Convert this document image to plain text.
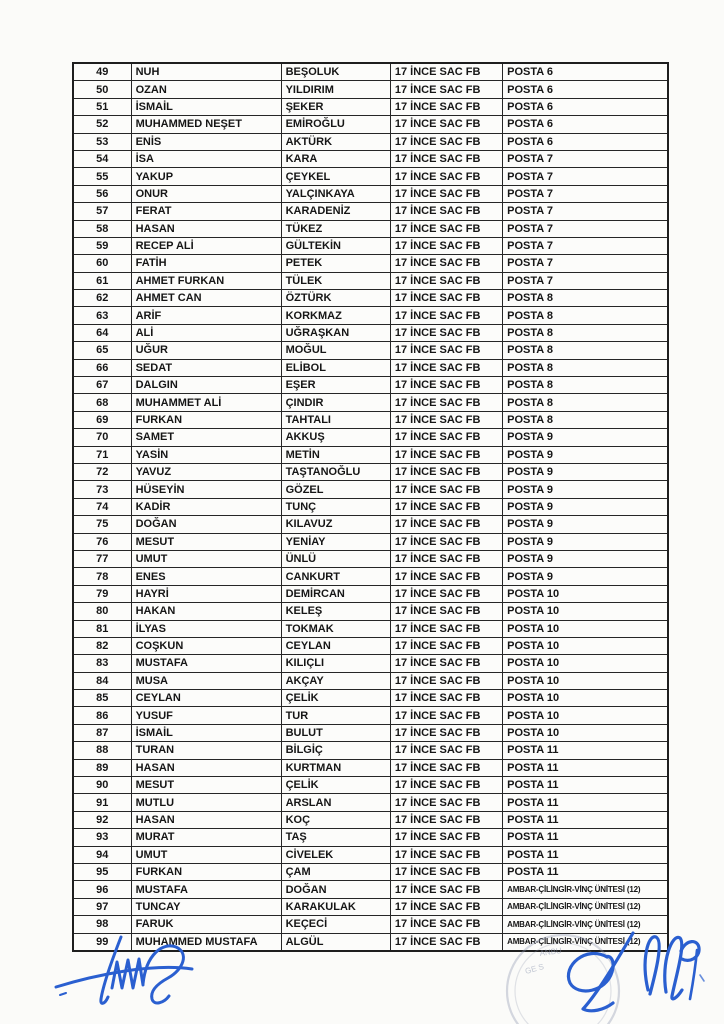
49	NUH	BEŞOLUK	17 İNCE SAC FB	POSTA 6
50	OZAN	YILDIRIM	17 İNCE SAC FB	POSTA 6
51	İSMAİL	ŞEKER	17 İNCE SAC FB	POSTA 6
52	MUHAMMED NEŞET	EMİROĞLU	17 İNCE SAC FB	POSTA 6
53	ENİS	AKTÜRK	17 İNCE SAC FB	POSTA 6
54	İSA	KARA	17 İNCE SAC FB	POSTA 7
55	YAKUP	ÇEYKEL	17 İNCE SAC FB	POSTA 7
56	ONUR	YALÇINKAYA	17 İNCE SAC FB	POSTA 7
57	FERAT	KARADENİZ	17 İNCE SAC FB	POSTA 7
58	HASAN	TÜKEZ	17 İNCE SAC FB	POSTA 7
59	RECEP ALİ	GÜLTEKİN	17 İNCE SAC FB	POSTA 7
60	FATİH	PETEK	17 İNCE SAC FB	POSTA 7
61	AHMET FURKAN	TÜLEK	17 İNCE SAC FB	POSTA 7
62	AHMET CAN	ÖZTÜRK	17 İNCE SAC FB	POSTA 8
63	ARİF	KORKMAZ	17 İNCE SAC FB	POSTA 8
64	ALİ	UĞRAŞKAN	17 İNCE SAC FB	POSTA 8
65	UĞUR	MOĞUL	17 İNCE SAC FB	POSTA 8
66	SEDAT	ELİBOL	17 İNCE SAC FB	POSTA 8
67	DALGIN	EŞER	17 İNCE SAC FB	POSTA 8
68	MUHAMMET ALİ	ÇINDIR	17 İNCE SAC FB	POSTA 8
69	FURKAN	TAHTALI	17 İNCE SAC FB	POSTA 8
70	SAMET	AKKUŞ	17 İNCE SAC FB	POSTA 9
71	YASİN	METİN	17 İNCE SAC FB	POSTA 9
72	YAVUZ	TAŞTANOĞLU	17 İNCE SAC FB	POSTA 9
73	HÜSEYİN	GÖZEL	17 İNCE SAC FB	POSTA 9
74	KADİR	TUNÇ	17 İNCE SAC FB	POSTA 9
75	DOĞAN	KILAVUZ	17 İNCE SAC FB	POSTA 9
76	MESUT	YENİAY	17 İNCE SAC FB	POSTA 9
77	UMUT	ÜNLÜ	17 İNCE SAC FB	POSTA 9
78	ENES	CANKURT	17 İNCE SAC FB	POSTA 9
79	HAYRİ	DEMİRCAN	17 İNCE SAC FB	POSTA 10
80	HAKAN	KELEŞ	17 İNCE SAC FB	POSTA 10
81	İLYAS	TOKMAK	17 İNCE SAC FB	POSTA 10
82	COŞKUN	CEYLAN	17 İNCE SAC FB	POSTA 10
83	MUSTAFA	KILIÇLI	17 İNCE SAC FB	POSTA 10
84	MUSA	AKÇAY	17 İNCE SAC FB	POSTA 10
85	CEYLAN	ÇELİK	17 İNCE SAC FB	POSTA 10
86	YUSUF	TUR	17 İNCE SAC FB	POSTA 10
87	İSMAİL	BULUT	17 İNCE SAC FB	POSTA 10
88	TURAN	BİLGİÇ	17 İNCE SAC FB	POSTA 11
89	HASAN	KURTMAN	17 İNCE SAC FB	POSTA 11
90	MESUT	ÇELİK	17 İNCE SAC FB	POSTA 11
91	MUTLU	ARSLAN	17 İNCE SAC FB	POSTA 11
92	HASAN	KOÇ	17 İNCE SAC FB	POSTA 11
93	MURAT	TAŞ	17 İNCE SAC FB	POSTA 11
94	UMUT	CİVELEK	17 İNCE SAC FB	POSTA 11
95	FURKAN	ÇAM	17 İNCE SAC FB	POSTA 11
96	MUSTAFA	DOĞAN	17 İNCE SAC FB	AMBAR-ÇİLİNGİR-VİNÇ ÜNİTESİ (12)
97	TUNCAY	KARAKULAK	17 İNCE SAC FB	AMBAR-ÇİLİNGİR-VİNÇ ÜNİTESİ (12)
98	FARUK	KEÇECİ	17 İNCE SAC FB	AMBAR-ÇİLİNGİR-VİNÇ ÜNİTESİ (12)
99	MUHAMMED MUSTAFA	ALGÜL	17 İNCE SAC FB	AMBAR-ÇİLİNGİR-VİNÇ ÜNİTESİ (12)
ANBU
GE S
